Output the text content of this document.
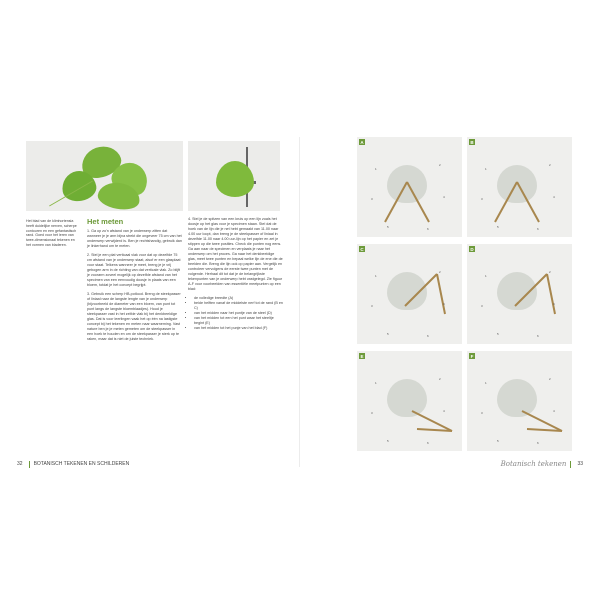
Het blad van de klimhortensia heeft duidelijke nerven, scherpe contouren en een gefantastisch rand. Goed voor het leren van twee-dimensionaal tekenen en het vormen van bladeren.
Het meten

1. Ga op zo'n afstand van je onderwerp zitten dat wanneer je je arm bijna strekt die ongeveer 75 cm van het onderwerp verwijderd is. Ben je rechtshandig, gebruik dan je linkerhand om te meten.

2. Stel je een plat verticaal vlak voor dat op dezelfde 75 cm afstand van je onderwerp staat, alsof er een glasplaat voor staat. Telkens wanneer je meet, breng je je vrij gebogen arm in de richting van dat verticale vlak. Zo blijft je voorarm zoveel mogelijk op dezelfde afstand van het specimen van een eenvoudig doosje in plaats van een bloem, totdat je het concept begrijpt.

3. Gebruik een scherp HB-potlood. Breng de steekpasser of liniaal naar de langste lengte van je onderwerp (bijvoorbeeld de diameter van een bloem, van punt tot punt langs de langste bloemblaadjes). Houd je steekpasser vast in het zelfde vlak bij het denkbeeldige glas. Dat is voor leerlingen vaak het op één na lastigste concept bij het tekenen en meten naar waarneming. Vast nature ben je je meten gemeten om de steekpasser in een hoek te houden en om de steekpasser je sterk op te raken, maar dat is niet de juiste techniek.

4. Stel je de spitzen van een kruis op een lijn zoals het doosje op het glas voor je specimen staan. Stel dat de hoek van de lijn die je net hebt gemaakt van 11.00 naar 4.00 uur loopt, dan breng je de steekpasser of liniaal in dezelfde 11.00 naar 4.00 uur-lijn op het papier en zet je stippen op die twee posities. Check die punten nog eens. Ga aan naar de specimen en verplaats je naar het onderwerp om het proces. Ga naar het denkbeeldige glas, meet twee punten en bepaal welke lijn de ene die de beelden die. Breng die lijn ook op papier aan. Vergelijk en controleer vervolgens de eerste twee punten met de volgende. Herhaal dit tot dat je de belangrijkste tekenpunten van je onderwerp hebt vastgelegd. Zie figuur A-F voor voorbeelden van essentiële meetpunten op een blad:

• de volledige breedte (A)
• beide helften vanaf de middelste nerf tot de rand (B en C)
• van het midden naar het puntje van de steel (D)
• van het midden tot een het punt waar het steeltje begint (E)
• van het midden tot het punje van het blad (F)
32 BOTANISCH TEKENEN EN SCHILDEREN
A
1
2
3	4
5	6
B
1
2
3	4
5	6
C
1
2
3	4
5	6
D
1
2
3	4
5	6
E
1
2
3	4
5	6
F
1
2
3	4
5	6
Botanisch tekenen 33
